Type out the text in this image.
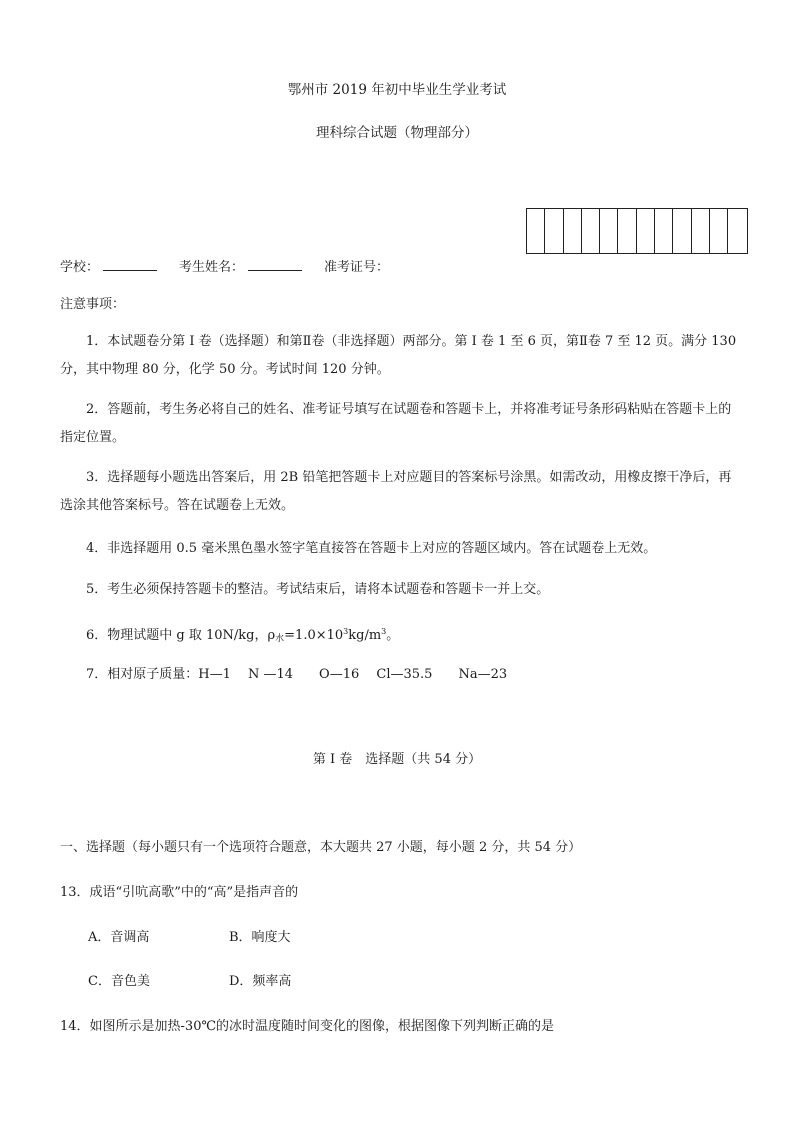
鄂州市 2019 年初中毕业生学业考试
理科综合试题（物理部分）
学校：	考生姓名：	准考证号：
注意事项：
1．本试题卷分第 I 卷（选择题）和第Ⅱ卷（非选择题）两部分。第 I 卷 1 至 6 页，第Ⅱ卷 7 至 12 页。满分 130 分，其中物理 80 分，化学 50 分。考试时间 120 分钟。
2．答题前，考生务必将自己的姓名、准考证号填写在试题卷和答题卡上，并将准考证号条形码粘贴在答题卡上的指定位置。
3．选择题每小题选出答案后，用 2B 铅笔把答题卡上对应题目的答案标号涂黑。如需改动，用橡皮擦干净后，再选涂其他答案标号。答在试题卷上无效。
4．非选择题用 0.5 毫米黑色墨水签字笔直接答在答题卡上对应的答题区域内。答在试题卷上无效。
5．考生必须保持答题卡的整洁。考试结束后，请将本试题卷和答题卡一并上交。
6．物理试题中 g 取 10N/kg，$\rho_水=1.0\times 10^3kg/m^3$。
7．相对原子质量：H—1　 N —14　　O—16　 Cl—35.5　　Na—23
第 I 卷　选择题（共 54 分）
一、选择题（每小题只有一个选项符合题意，本大题共 27 小题，每小题 2 分，共 54 分）
13．成语“引吭高歌”中的“高”是指声音的
A．音调高	B．响度大
C．音色美	D．频率高
14．如图所示是加热-30℃的冰时温度随时间变化的图像，根据图像下列判断正确的是
